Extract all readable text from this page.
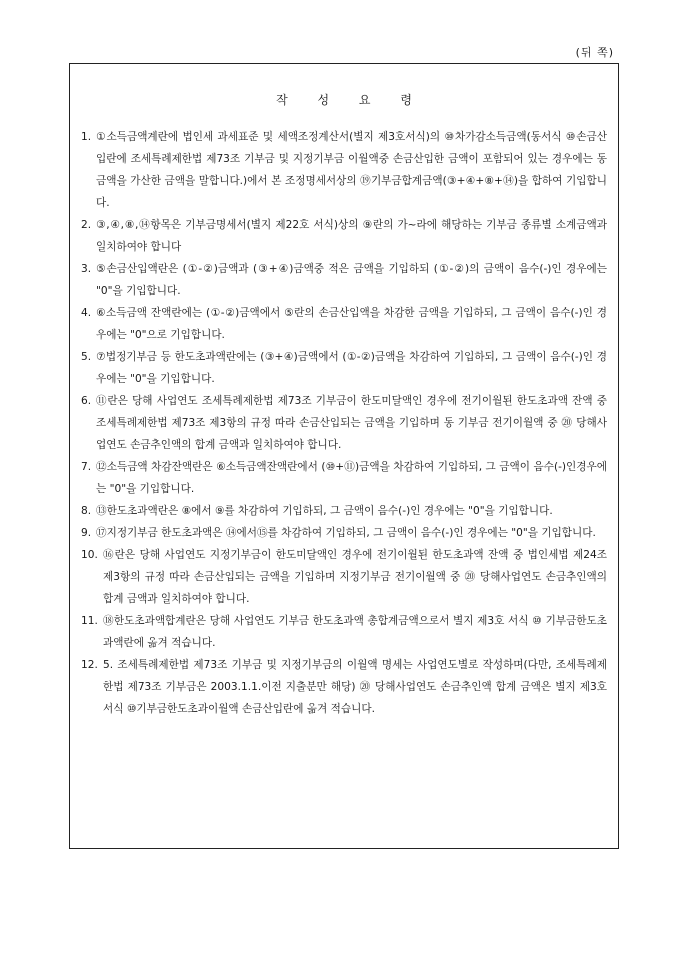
(뒤 쪽)
작 성 요 령
1. ①소득금액계란에 법인세 과세표준 및 세액조정계산서(별지 제3호서식)의 ⑩차가감소득금액(동서식 ⑩손금산입란에 조세특례제한법 제73조 기부금 및 지정기부금 이월액중 손금산입한 금액이 포함되어 있는 경우에는 동금액을 가산한 금액을 말합니다.)에서 본 조정명세서상의 ⑲기부금합계금액(③+④+⑧+⑭)을 합하여 기입합니다.
2. ③,④,⑧,⑭항목은 기부금명세서(별지 제22호 서식)상의 ⑨란의 가~라에 해당하는 기부금 종류별 소계금액과 일치하여야 합니다
3. ⑤손금산입액란은 (①-②)금액과 (③+④)금액중 적은 금액을 기입하되 (①-②)의 금액이 음수(-)인 경우에는 "0"을 기입합니다.
4. ⑥소득금액 잔액란에는 (①-②)금액에서 ⑤란의 손금산입액을 차감한 금액을 기입하되, 그 금액이 음수(-)인 경우에는 "0"으로 기입합니다.
5. ⑦법정기부금 등 한도초과액란에는 (③+④)금액에서 (①-②)금액을 차감하여 기입하되, 그 금액이 음수(-)인 경우에는 "0"을 기입합니다.
6. ⑪란은 당해 사업연도 조세특례제한법 제73조 기부금이 한도미달액인 경우에 전기이월된 한도초과액 잔액 중 조세특례제한법 제73조 제3항의 규정 따라 손금산입되는 금액을 기입하며 동 기부금 전기이월액 중 ⑳ 당해사업연도 손금추인액의 합계 금액과 일치하여야 합니다.
7. ⑫소득금액 차감잔액란은 ⑥소득금액잔액란에서 (⑩+⑪)금액을 차감하여 기입하되, 그 금액이 음수(-)인경우에는 "0"을 기입합니다.
8. ⑬한도초과액란은 ⑧에서 ⑨를 차감하여 기입하되, 그 금액이 음수(-)인 경우에는 "0"을 기입합니다.
9. ⑰지정기부금 한도초과액은 ⑭에서⑮를 차감하여 기입하되, 그 금액이 음수(-)인 경우에는 "0"을 기입합니다.
10. ⑯란은 당해 사업연도 지정기부금이 한도미달액인 경우에 전기이월된 한도초과액 잔액 중 법인세법 제24조 제3항의 규정 따라 손금산입되는 금액을 기입하며 지정기부금 전기이월액 중 ⑳ 당해사업연도 손금추인액의 합계 금액과 일치하여야 합니다.
11. ⑱한도초과액합계란은 당해 사업연도 기부금 한도초과액 총합계금액으로서 별지 제3호 서식 ⑩ 기부금한도초과액란에 옮겨 적습니다.
12. 5. 조세특례제한법 제73조 기부금 및 지정기부금의 이월액 명세는 사업연도별로 작성하며(다만, 조세특례제한법 제73조 기부금은 2003.1.1.이전 지출분만 해당) ⑳ 당해사업연도 손금추인액 합계 금액은 별지 제3호서식 ⑩기부금한도초과이월액 손금산입란에 옮겨 적습니다.
